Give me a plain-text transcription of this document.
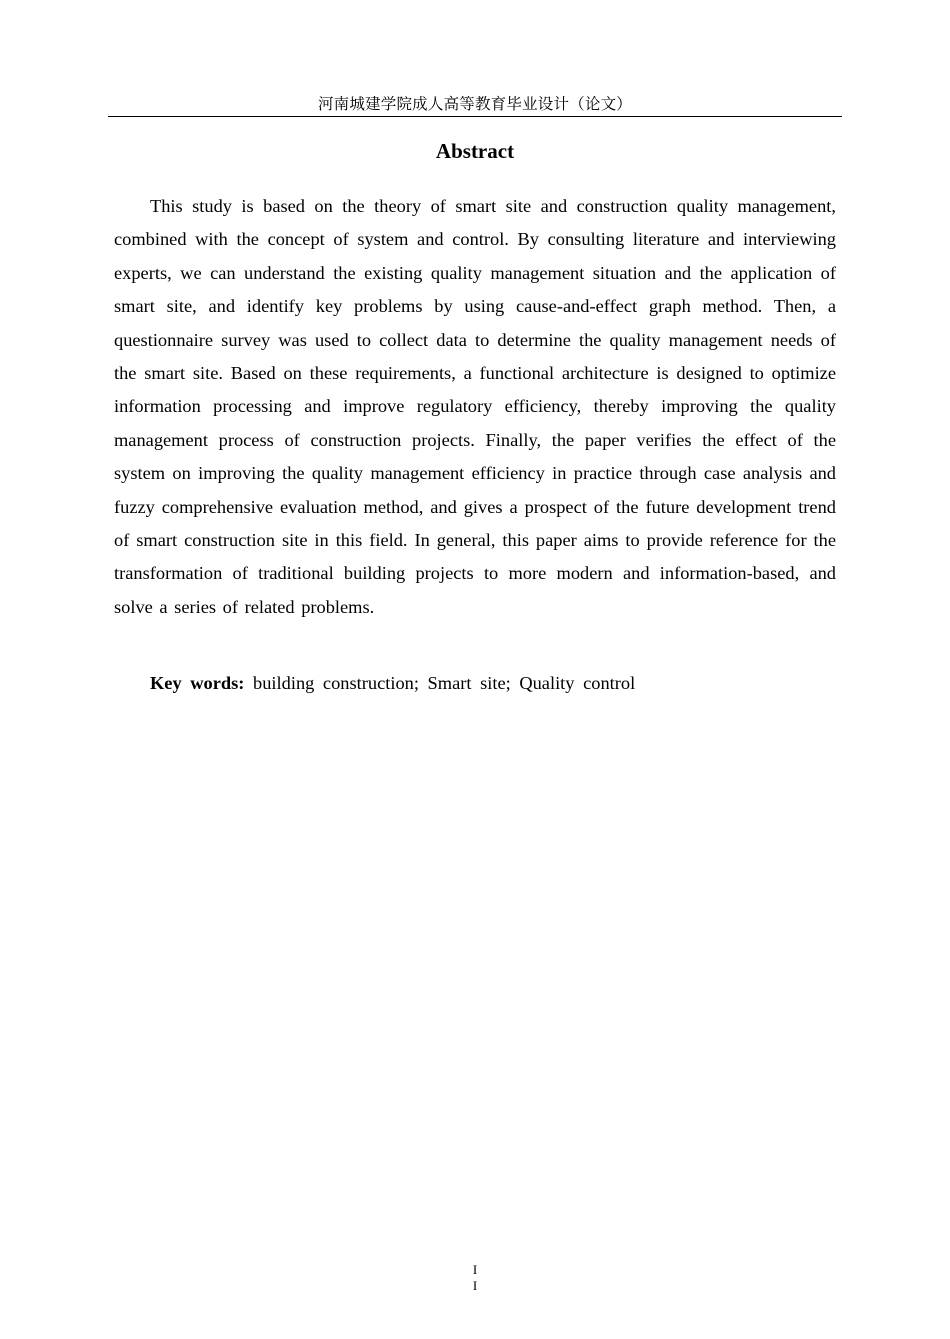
河南城建学院成人高等教育毕业设计（论文）
Abstract

This study is based on the theory of smart site and construction quality management, combined with the concept of system and control. By consulting literature and interviewing experts, we can understand the existing quality management situation and the application of smart site, and identify key problems by using cause-and-effect graph method. Then, a questionnaire survey was used to collect data to determine the quality management needs of the smart site. Based on these requirements, a functional architecture is designed to optimize information processing and improve regulatory efficiency, thereby improving the quality management process of construction projects. Finally, the paper verifies the effect of the system on improving the quality management efficiency in practice through case analysis and fuzzy comprehensive evaluation method, and gives a prospect of the future development trend of smart construction site in this field. In general, this paper aims to provide reference for the transformation of traditional building projects to more modern and information-based, and solve a series of related problems.

Key words: building construction; Smart site; Quality control

I
I
